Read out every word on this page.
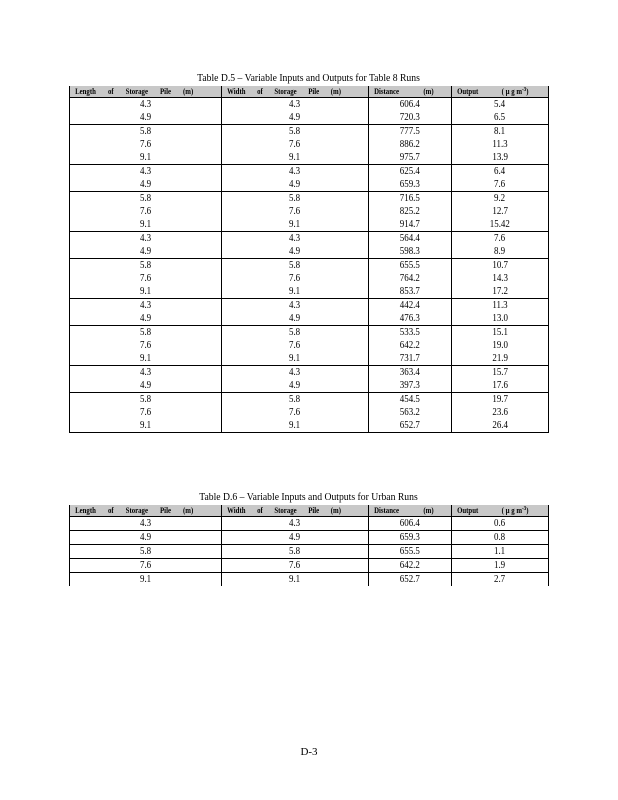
Table D.5 – Variable Inputs and Outputs for Table 8 Runs
Length of Storage Pile (m)	Width of Storage Pile (m)	Distance (m)	Output ( µ g $m^{-3}$)

4.3	4.3	606.4	5.4
4.9	4.9	720.3	6.5
5.8	5.8	777.5	8.1
7.6	7.6	886.2	11.3
9.1	9.1	975.7	13.9
4.3	4.3	625.4	6.4
4.9	4.9	659.3	7.6
5.8	5.8	716.5	9.2
7.6	7.6	825.2	12.7
9.1	9.1	914.7	15.42
4.3	4.3	564.4	7.6
4.9	4.9	598.3	8.9
5.8	5.8	655.5	10.7
7.6	7.6	764.2	14.3
9.1	9.1	853.7	17.2
4.3	4.3	442.4	11.3
4.9	4.9	476.3	13.0
5.8	5.8	533.5	15.1
7.6	7.6	642.2	19.0
9.1	9.1	731.7	21.9
4.3	4.3	363.4	15.7
4.9	4.9	397.3	17.6
5.8	5.8	454.5	19.7
7.6	7.6	563.2	23.6
9.1	9.1	652.7	26.4
Table D.6 – Variable Inputs and Outputs for Urban Runs
Length of Storage Pile (m)	Width of Storage Pile (m)	Distance (m)	Output ( µ g $m^{-3}$)

4.3	4.3	606.4	0.6
4.9	4.9	659.3	0.8
5.8	5.8	655.5	1.1
7.6	7.6	642.2	1.9
9.1	9.1	652.7	2.7
D-3
